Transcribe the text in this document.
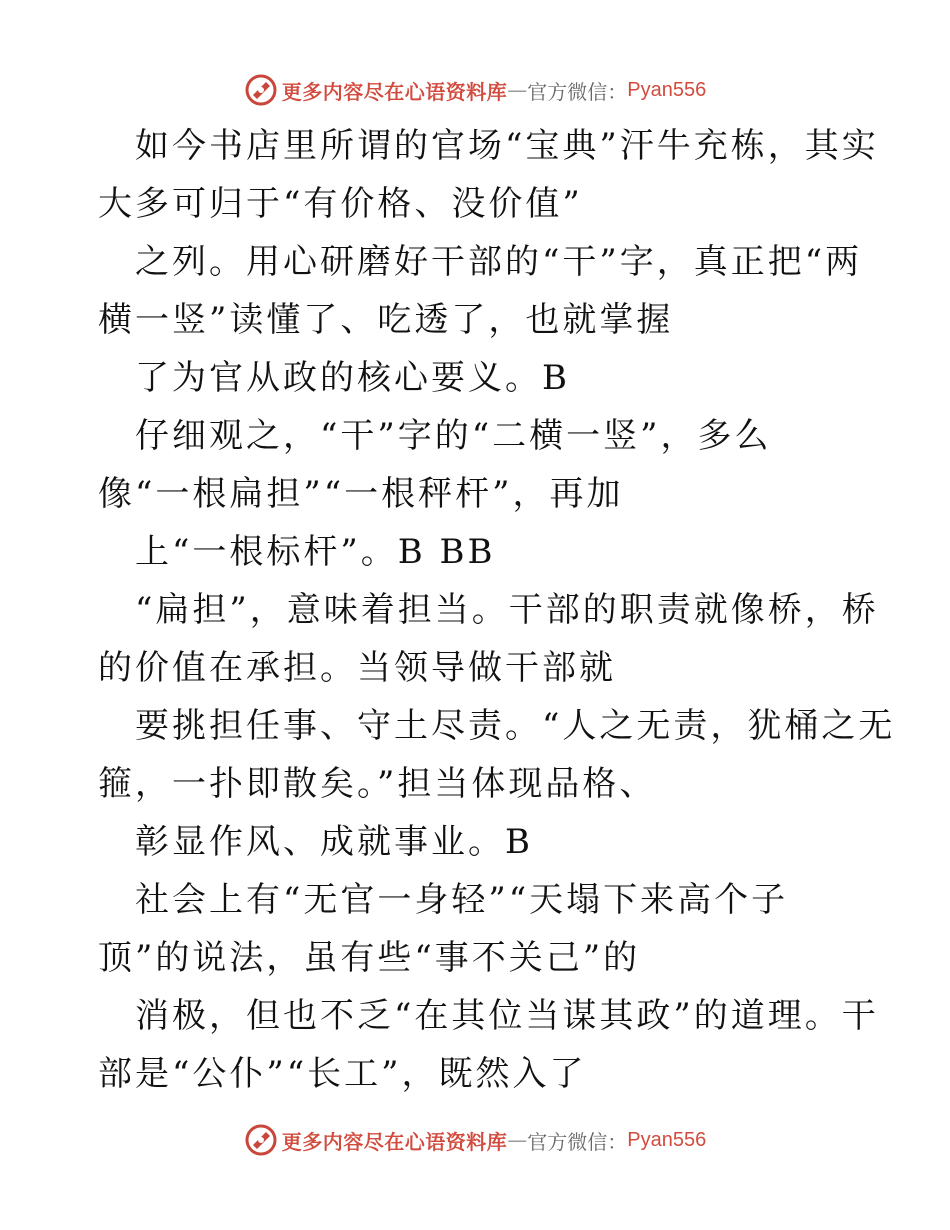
更多内容尽在心语资料库 — 官方微信： Pyan556
如今书店里所谓的官场“宝典”汗牛充栋，其实
大多可归于“有价格、没价值”
之列。用心研磨好干部的“干”字，真正把“两
横一竖”读懂了、吃透了，也就掌握
了为官从政的核心要义。B
仔细观之，“干”字的“二横一竖”，多么
像“一根扁担”“一根秤杆”，再加
上“一根标杆”。B BB
“扁担”，意味着担当。干部的职责就像桥，桥
的价值在承担。当领导做干部就
要挑担任事、守土尽责。“人之无责，犹桶之无
箍，一扑即散矣。”担当体现品格、
彰显作风、成就事业。B
社会上有“无官一身轻”“天塌下来高个子
顶”的说法，虽有些“事不关己”的
消极，但也不乏“在其位当谋其政”的道理。干
部是“公仆”“长工”，既然入了
更多内容尽在心语资料库 — 官方微信： Pyan556
